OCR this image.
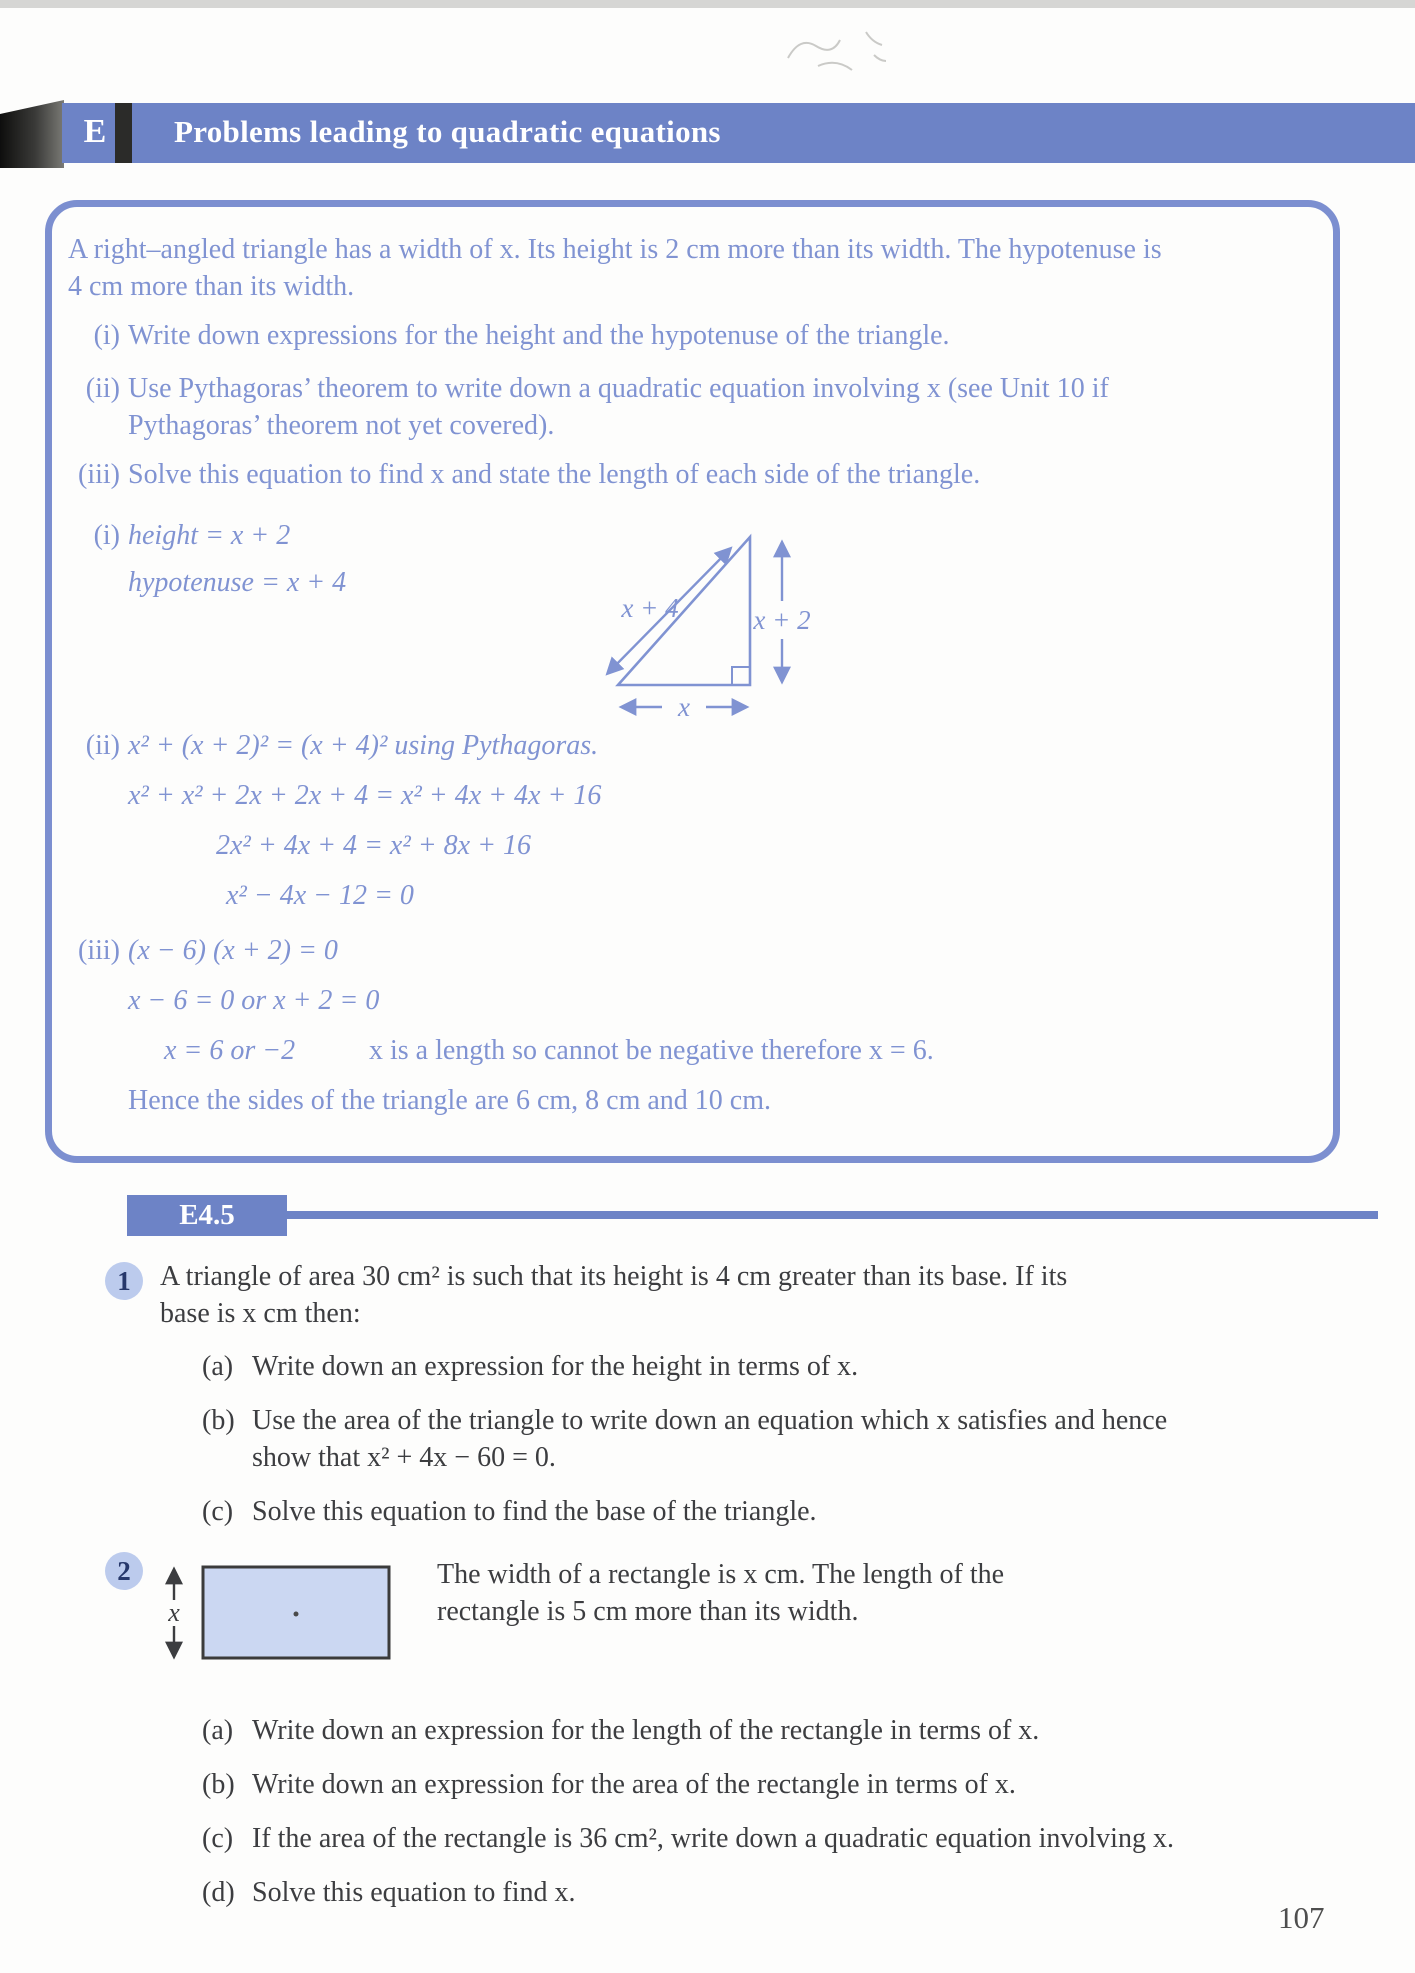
E Problems leading to quadratic equations

A right–angled triangle has a width of x. Its height is 2 cm more than its width. The hypotenuse is

4 cm more than its width.

(i) Write down expressions for the height and the hypotenuse of the triangle.
(ii) Use Pythagoras’ theorem to write down a quadratic equation involving x (see Unit 10 if
Pythagoras’ theorem not yet covered).
(iii) Solve this equation to find x and state the length of each side of the triangle.
(i) height = x + 2
hypotenuse = x + 4
x + 4	x + 2
x
(ii) x² + (x + 2)² = (x + 4)² using Pythagoras.
x² + x² + 2x + 2x + 4 = x² + 4x + 4x + 16
2x² + 4x + 4 = x² + 8x + 16
x² − 4x − 12 = 0
(iii) (x − 6) (x + 2) = 0
x − 6 = 0 or x + 2 = 0
x = 6 or −2	x is a length so cannot be negative therefore x = 6.
Hence the sides of the triangle are 6 cm, 8 cm and 10 cm.
E4.5
1	A triangle of area 30 cm² is such that its height is 4 cm greater than its base. If its
base is x cm then:
(a) Write down an expression for the height in terms of x.
(b) Use the area of the triangle to write down an equation which x satisfies and hence
show that x² + 4x − 60 = 0.
(c) Solve this equation to find the base of the triangle.
2
x
The width of a rectangle is x cm. The length of the
rectangle is 5 cm more than its width.
(a) Write down an expression for the length of the rectangle in terms of x.
(b) Write down an expression for the area of the rectangle in terms of x.
(c) If the area of the rectangle is 36 cm², write down a quadratic equation involving x.
(d) Solve this equation to find x.
107
